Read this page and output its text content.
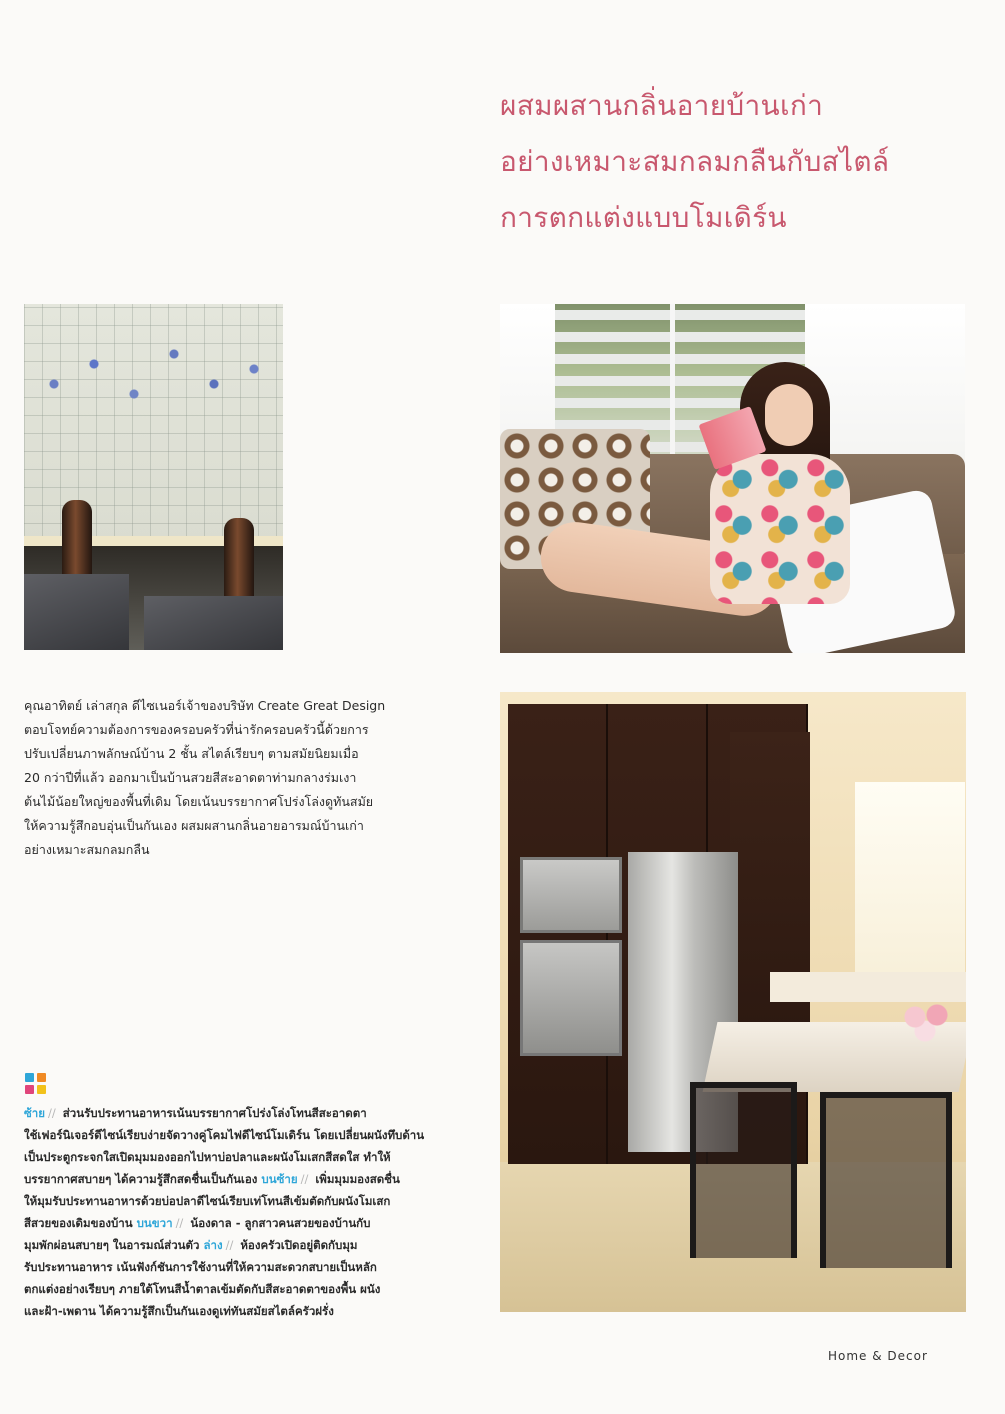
ผสมผสานกลิ่นอายบ้านเก่า
อย่างเหมาะสมกลมกลืนกับสไตล์
การตกแต่งแบบโมเดิร์น
คุณอาทิตย์ เล่าสกุล ดีไซเนอร์เจ้าของบริษัท Create Great Design
ตอบโจทย์ความต้องการของครอบครัวที่น่ารักครอบครัวนี้ด้วยการ
ปรับเปลี่ยนภาพลักษณ์บ้าน 2 ชั้น สไตล์เรียบๆ ตามสมัยนิยมเมื่อ
20 กว่าปีที่แล้ว ออกมาเป็นบ้านสวยสีสะอาดตาท่ามกลางร่มเงา
ต้นไม้น้อยใหญ่ของพื้นที่เดิม โดยเน้นบรรยากาศโปร่งโล่งดูทันสมัย
ให้ความรู้สึกอบอุ่นเป็นกันเอง ผสมผสานกลิ่นอายอารมณ์บ้านเก่า
อย่างเหมาะสมกลมกลืน
ซ้าย // ส่วนรับประทานอาหารเน้นบรรยากาศโปร่งโล่งโทนสีสะอาดตา
ใช้เฟอร์นิเจอร์ดีไซน์เรียบง่ายจัดวางคู่โคมไฟดีไซน์โมเดิร์น โดยเปลี่ยนผนังทึบด้าน
เป็นประตูกระจกใสเปิดมุมมองออกไปหาบ่อปลาและผนังโมเสกสีสดใส ทำให้
บรรยากาศสบายๆ ได้ความรู้สึกสดชื่นเป็นกันเอง บนซ้าย // เพิ่มมุมมองสดชื่น
ให้มุมรับประทานอาหารด้วยบ่อปลาดีไซน์เรียบเท่โทนสีเข้มตัดกับผนังโมเสก
สีสวยของเดิมของบ้าน บนขวา // น้องดาล - ลูกสาวคนสวยของบ้านกับ
มุมพักผ่อนสบายๆ ในอารมณ์ส่วนตัว ล่าง // ห้องครัวเปิดอยู่ติดกับมุม
รับประทานอาหาร เน้นฟังก์ชันการใช้งานที่ให้ความสะดวกสบายเป็นหลัก
ตกแต่งอย่างเรียบๆ ภายใต้โทนสีน้ำตาลเข้มตัดกับสีสะอาดตาของพื้น ผนัง
และฝ้า-เพดาน ได้ความรู้สึกเป็นกันเองดูเท่ทันสมัยสไตล์ครัวฝรั่ง
Home & Decor
